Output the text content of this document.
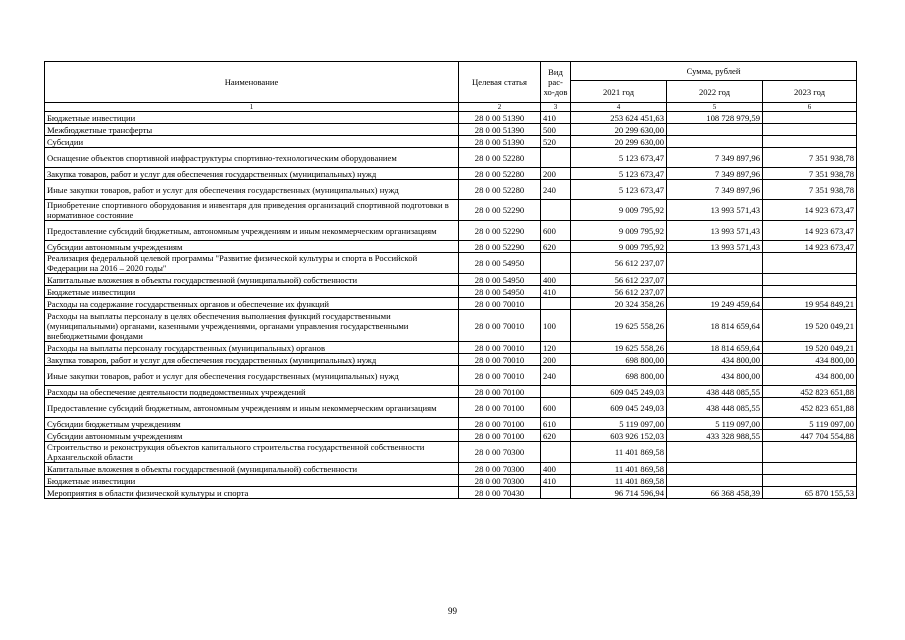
Наименование	Целевая статья	Вид рас-хо-дов	Сумма, рублей		
			2021 год	2022 год	2023 год
1	2	3	4	5	6
Бюджетные инвестиции	28 0 00 51390	410	253 624 451,63	108 728 979,59	
Межбюджетные трансферты	28 0 00 51390	500	20 299 630,00		
Субсидии	28 0 00 51390	520	20 299 630,00		
Оснащение объектов спортивной инфраструктуры спортивно-технологическим оборудованием	28 0 00 52280		5 123 673,47	7 349 897,96	7 351 938,78
Закупка товаров, работ и услуг для обеспечения государственных (муниципальных) нужд	28 0 00 52280	200	5 123 673,47	7 349 897,96	7 351 938,78
Иные закупки товаров, работ и услуг для обеспечения государственных (муниципальных) нужд	28 0 00 52280	240	5 123 673,47	7 349 897,96	7 351 938,78
Приобретение спортивного оборудования и инвентаря для приведения организаций спортивной подготовки в нормативное состояние	28 0 00 52290		9 009 795,92	13 993 571,43	14 923 673,47
Предоставление субсидий бюджетным, автономным учреждениям и иным некоммерческим организациям	28 0 00 52290	600	9 009 795,92	13 993 571,43	14 923 673,47
Субсидии автономным учреждениям	28 0 00 52290	620	9 009 795,92	13 993 571,43	14 923 673,47
Реализация федеральной целевой программы "Развитие физической культуры и спорта в Российской Федерации на 2016 – 2020 годы"	28 0 00 54950		56 612 237,07		
Капитальные вложения в объекты государственной (муниципальной) собственности	28 0 00 54950	400	56 612 237,07		
Бюджетные инвестиции	28 0 00 54950	410	56 612 237,07		
Расходы на содержание государственных органов и обеспечение их функций	28 0 00 70010		20 324 358,26	19 249 459,64	19 954 849,21
Расходы на выплаты персоналу в целях обеспечения выполнения функций государственными (муниципальными) органами, казенными учреждениями, органами управления государственными внебюджетными фондами	28 0 00 70010	100	19 625 558,26	18 814 659,64	19 520 049,21
Расходы на выплаты персоналу государственных (муниципальных) органов	28 0 00 70010	120	19 625 558,26	18 814 659,64	19 520 049,21
Закупка товаров, работ и услуг для обеспечения государственных (муниципальных) нужд	28 0 00 70010	200	698 800,00	434 800,00	434 800,00
Иные закупки товаров, работ и услуг для обеспечения государственных (муниципальных) нужд	28 0 00 70010	240	698 800,00	434 800,00	434 800,00
Расходы на обеспечение деятельности подведомственных учреждений	28 0 00 70100		609 045 249,03	438 448 085,55	452 823 651,88
Предоставление субсидий бюджетным, автономным учреждениям и иным некоммерческим организациям	28 0 00 70100	600	609 045 249,03	438 448 085,55	452 823 651,88
Субсидии бюджетным учреждениям	28 0 00 70100	610	5 119 097,00	5 119 097,00	5 119 097,00
Субсидии автономным учреждениям	28 0 00 70100	620	603 926 152,03	433 328 988,55	447 704 554,88
Строительство и реконструкция объектов капитального строительства государственной собственности Архангельской области	28 0 00 70300		11 401 869,58		
Капитальные вложения в объекты государственной (муниципальной) собственности	28 0 00 70300	400	11 401 869,58		
Бюджетные инвестиции	28 0 00 70300	410	11 401 869,58		
Мероприятия в области физической культуры и спорта	28 0 00 70430		96 714 596,94	66 368 458,39	65 870 155,53
99
